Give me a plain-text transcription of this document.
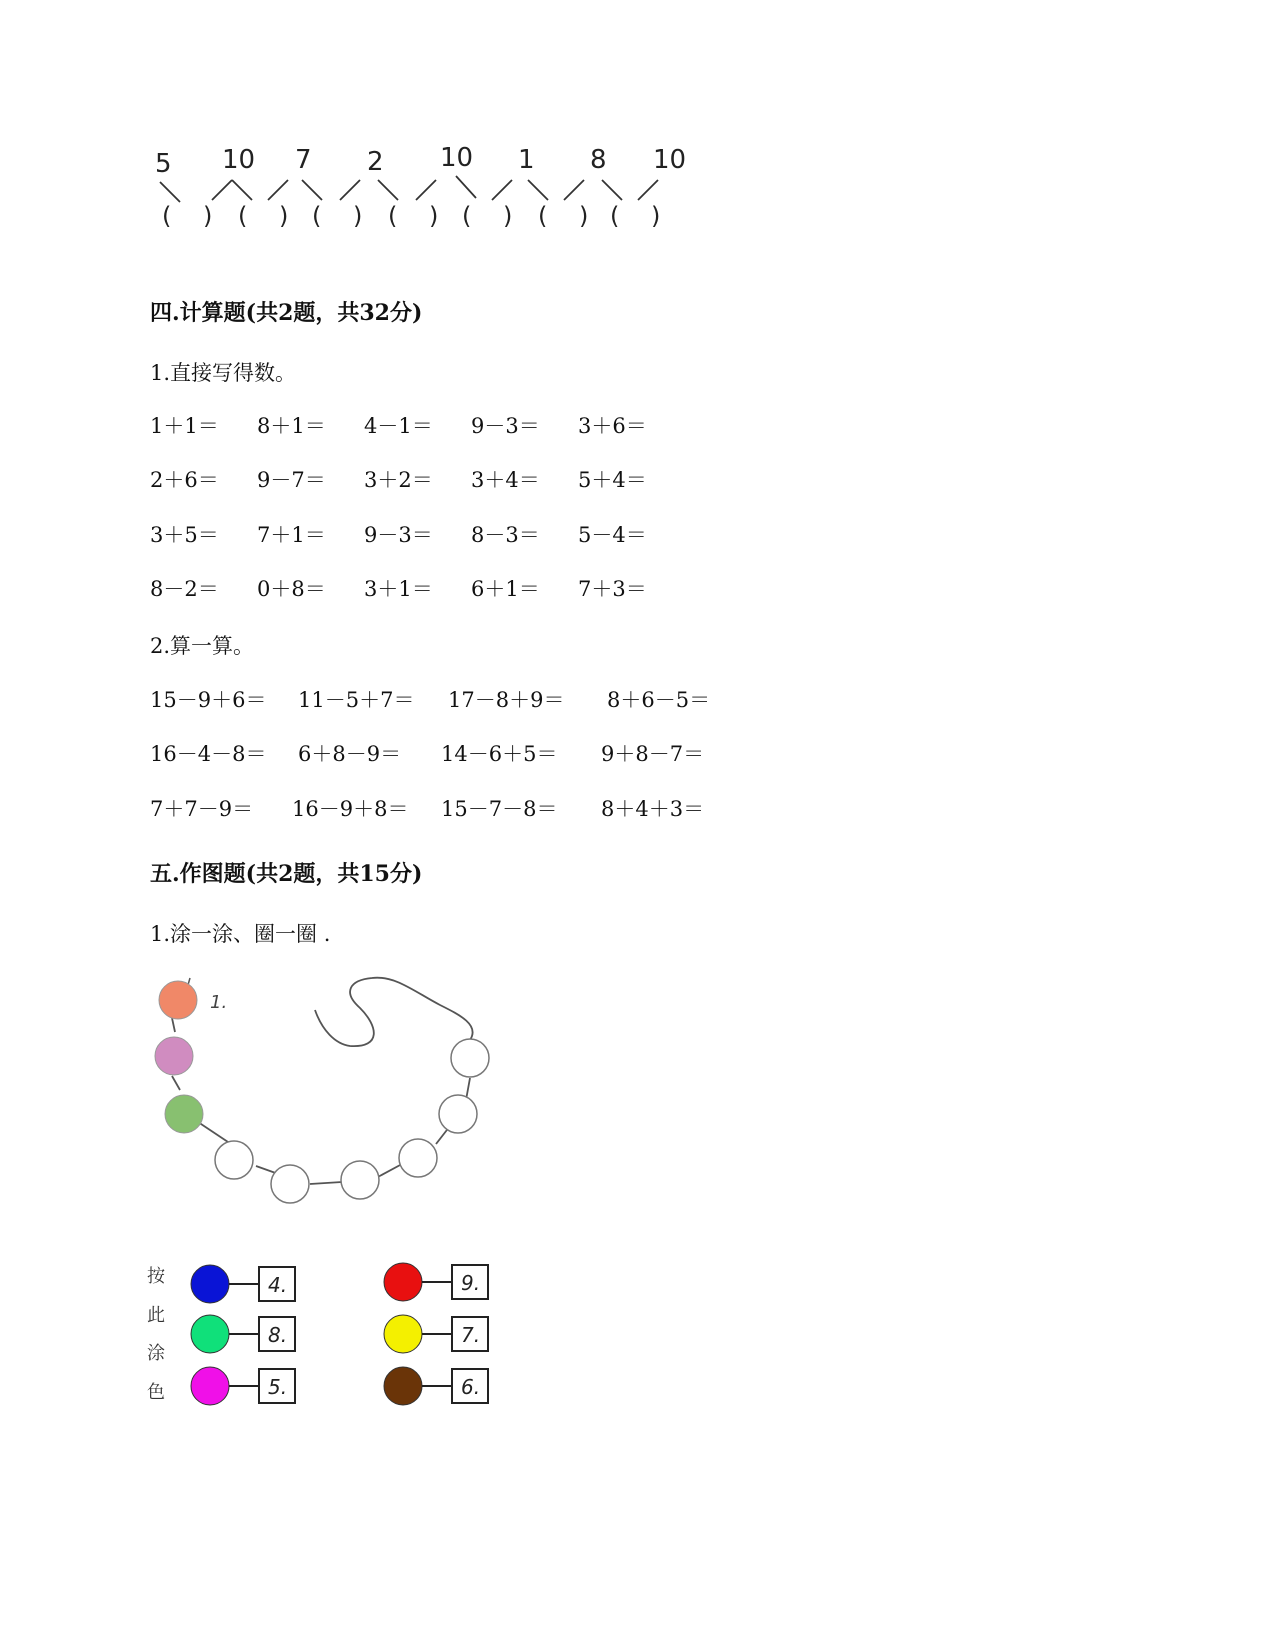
5 10 7 2 10 1 8 10
(  ) (  ) (  ) (  ) (  ) (  ) (  )
四.计算题(共2题，共32分)
1.直接写得数。
1＋1＝ 8＋1＝ 4－1＝ 9－3＝ 3＋6＝
2＋6＝ 9－7＝ 3＋2＝ 3＋4＝ 5＋4＝
3＋5＝ 7＋1＝ 9－3＝ 8－3＝ 5－4＝
8－2＝ 0＋8＝ 3＋1＝ 6＋1＝ 7＋3＝
2.算一算。
15－9＋6＝ 11－5＋7＝ 17－8＋9＝ 8＋6－5＝
16－4－8＝ 6＋8－9＝ 14－6＋5＝ 9＋8－7＝
7＋7－9＝ 16－9＋8＝ 15－7－8＝ 8＋4＋3＝
五.作图题(共2题，共15分)
1.涂一涂、圈一圈 .
1.
按
此
涂
色
4.
8.
5.
9.
7.
6.
